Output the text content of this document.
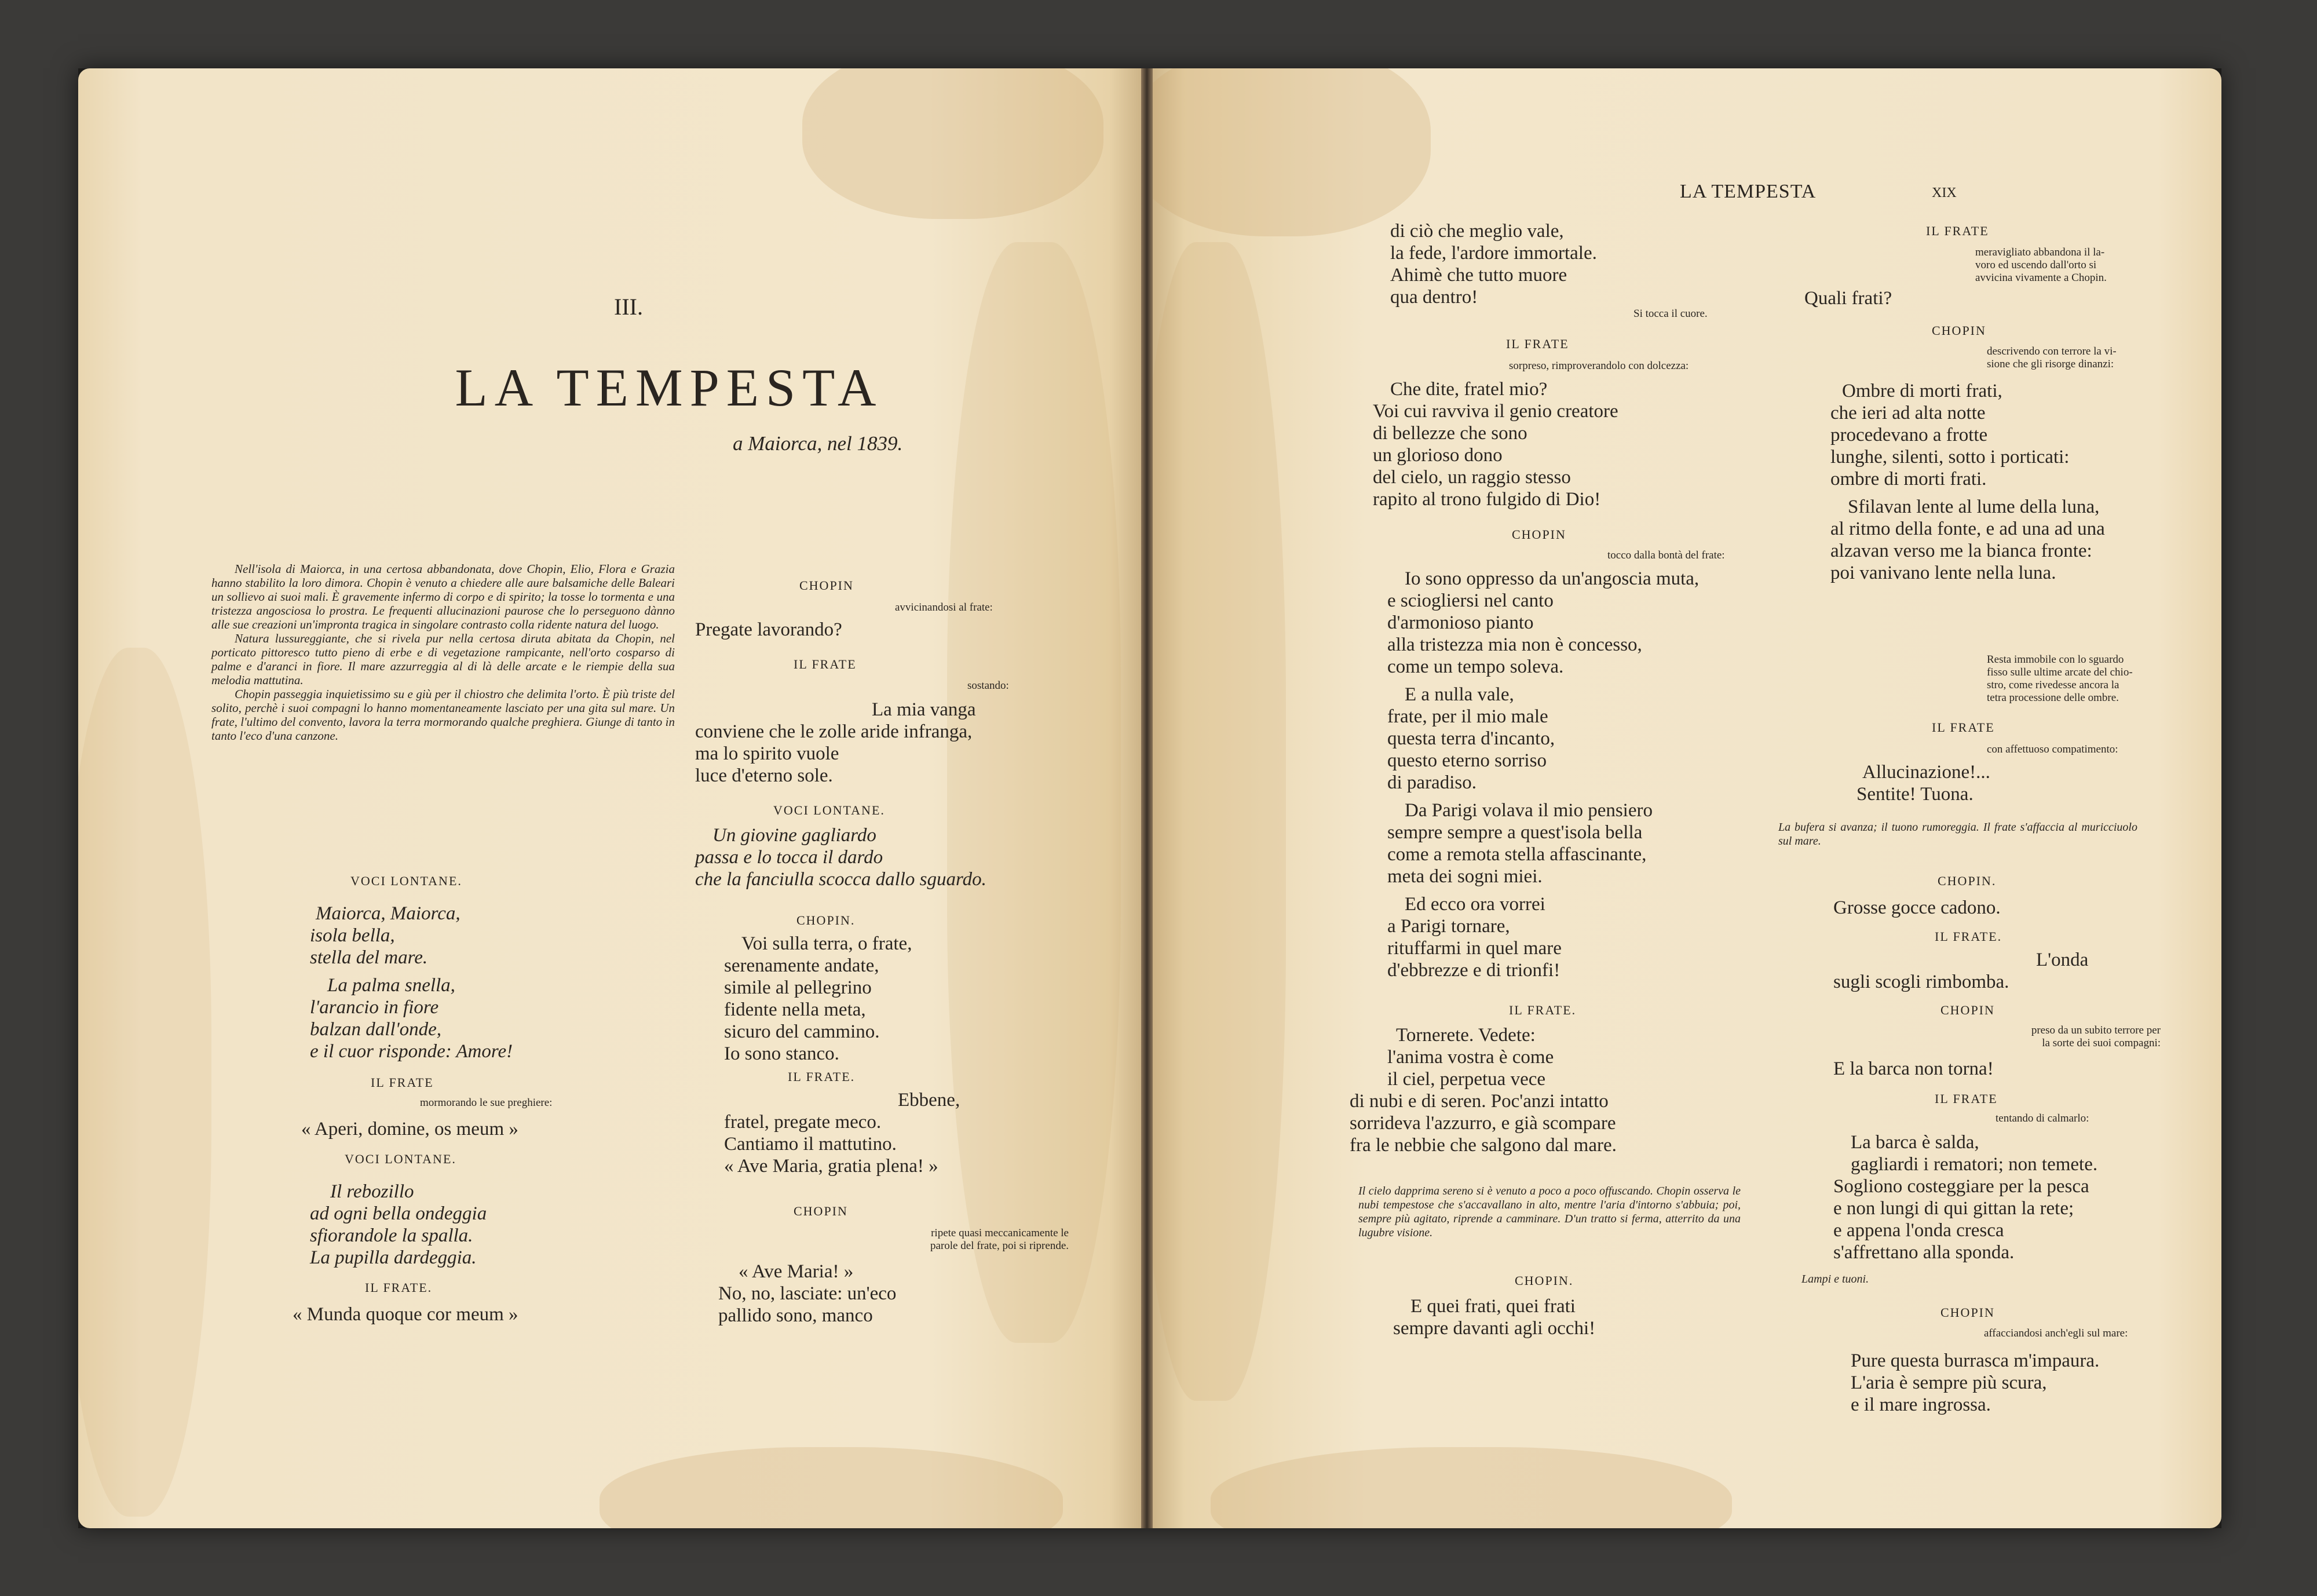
III.
LA TEMPESTA
a Maiorca, nel 1839.
Nell'isola di Maiorca, in una certosa abbandonata, dove Chopin, Elio, Flora e Grazia hanno stabilito la loro dimora. Chopin è venuto a chiedere alle aure balsamiche delle Baleari un sollievo ai suoi mali. È gravemente infermo di corpo e di spirito; la tosse lo tormenta e una tristezza angosciosa lo prostra. Le frequenti allucinazioni paurose che lo perseguono dànno alle sue creazioni un'impronta tragica in singolare contrasto colla ridente natura del luogo.
Natura lussureggiante, che si rivela pur nella certosa diruta abitata da Chopin, nel porticato pittoresco tutto pieno di erbe e di vegetazione rampicante, nell'orto cosparso di palme e d'aranci in fiore. Il mare azzurreggia al di là delle arcate e le riempie della sua melodia mattutina.
Chopin passeggia inquietissimo su e giù per il chiostro che delimita l'orto. È più triste del solito, perchè i suoi compagni lo hanno momentaneamente lasciato per una gita sul mare. Un frate, l'ultimo del convento, lavora la terra mormorando qualche preghiera. Giunge di tanto in tanto l'eco d'una canzone.
VOCI LONTANE.
Maiorca, Maiorca,
isola bella,
stella del mare.
La palma snella,
l'arancio in fiore
balzan dall'onde,
e il cuor risponde: Amore!
IL FRATE
mormorando le sue preghiere:
« Aperi, domine, os meum »
VOCI LONTANE.
Il rebozillo
ad ogni bella ondeggia
sfiorandole la spalla.
La pupilla dardeggia.
IL FRATE.
« Munda quoque cor meum »
CHOPIN
avvicinandosi al frate:
Pregate lavorando?
IL FRATE
sostando:
La mia vanga
conviene che le zolle aride infranga,
ma lo spirito vuole
luce d'eterno sole.
VOCI LONTANE.
Un giovine gagliardo
passa e lo tocca il dardo
che la fanciulla scocca dallo sguardo.
CHOPIN.
Voi sulla terra, o frate,
serenamente andate,
simile al pellegrino
fidente nella meta,
sicuro del cammino.
Io sono stanco.
IL FRATE.
Ebbene,
fratel, pregate meco.
Cantiamo il mattutino.
« Ave Maria, gratia plena! »
CHOPIN
ripete quasi meccanicamente le
parole del frate, poi si riprende.
« Ave Maria! »
No, no, lasciate: un'eco
pallido sono, manco
LA TEMPESTA	XIX
di ciò che meglio vale,
la fede, l'ardore immortale.
Ahimè che tutto muore
qua dentro!
Si tocca il cuore.
IL FRATE
sorpreso, rimproverandolo con dolcezza:
Che dite, fratel mio?
Voi cui ravviva il genio creatore
di bellezze che sono
un glorioso dono
del cielo, un raggio stesso
rapito al trono fulgido di Dio!
CHOPIN
tocco dalla bontà del frate:
Io sono oppresso da un'angoscia muta,
e sciogliersi nel canto
d'armonioso pianto
alla tristezza mia non è concesso,
come un tempo soleva.
E a nulla vale,
frate, per il mio male
questa terra d'incanto,
questo eterno sorriso
di paradiso.
Da Parigi volava il mio pensiero
sempre sempre a quest'isola bella
come a remota stella affascinante,
meta dei sogni miei.
Ed ecco ora vorrei
a Parigi tornare,
rituffarmi in quel mare
d'ebbrezze e di trionfi!
IL FRATE.
Tornerete. Vedete:
l'anima vostra è come
il ciel, perpetua vece
di nubi e di seren. Poc'anzi intatto
sorrideva l'azzurro, e già scompare
fra le nebbie che salgono dal mare.
Il cielo dapprima sereno si è venuto a poco a poco offuscando. Chopin osserva le nubi tempestose che s'accavallano in alto, mentre l'aria d'intorno s'abbuia; poi, sempre più agitato, riprende a camminare. D'un tratto si ferma, atterrito da una lugubre visione.
CHOPIN.
E quei frati, quei frati
sempre davanti agli occhi!
IL FRATE
meravigliato abbandona il la-
voro ed uscendo dall'orto si
avvicina vivamente a Chopin.
Quali frati?
CHOPIN
descrivendo con terrore la vi-
sione che gli risorge dinanzi:
Ombre di morti frati,
che ieri ad alta notte
procedevano a frotte
lunghe, silenti, sotto i porticati:
ombre di morti frati.
Sfilavan lente al lume della luna,
al ritmo della fonte, e ad una ad una
alzavan verso me la bianca fronte:
poi vanivano lente nella luna.
Resta immobile con lo sguardo
fisso sulle ultime arcate del chio-
stro, come rivedesse ancora la
tetra processione delle ombre.
IL FRATE
con affettuoso compatimento:
Allucinazione!...
Sentite! Tuona.
La bufera si avanza; il tuono rumoreggia. Il frate s'affaccia al muricciuolo sul mare.
CHOPIN.
Grosse gocce cadono.
IL FRATE.
L'onda
sugli scogli rimbomba.
CHOPIN
preso da un subito terrore per
la sorte dei suoi compagni:
E la barca non torna!
IL FRATE
tentando di calmarlo:
La barca è salda,
gagliardi i rematori; non temete.
Sogliono costeggiare per la pesca
e non lungi di qui gittan la rete;
e appena l'onda cresca
s'affrettano alla sponda.
Lampi e tuoni.
CHOPIN
affacciandosi anch'egli sul mare:
Pure questa burrasca m'impaura.
L'aria è sempre più scura,
e il mare ingrossa.
